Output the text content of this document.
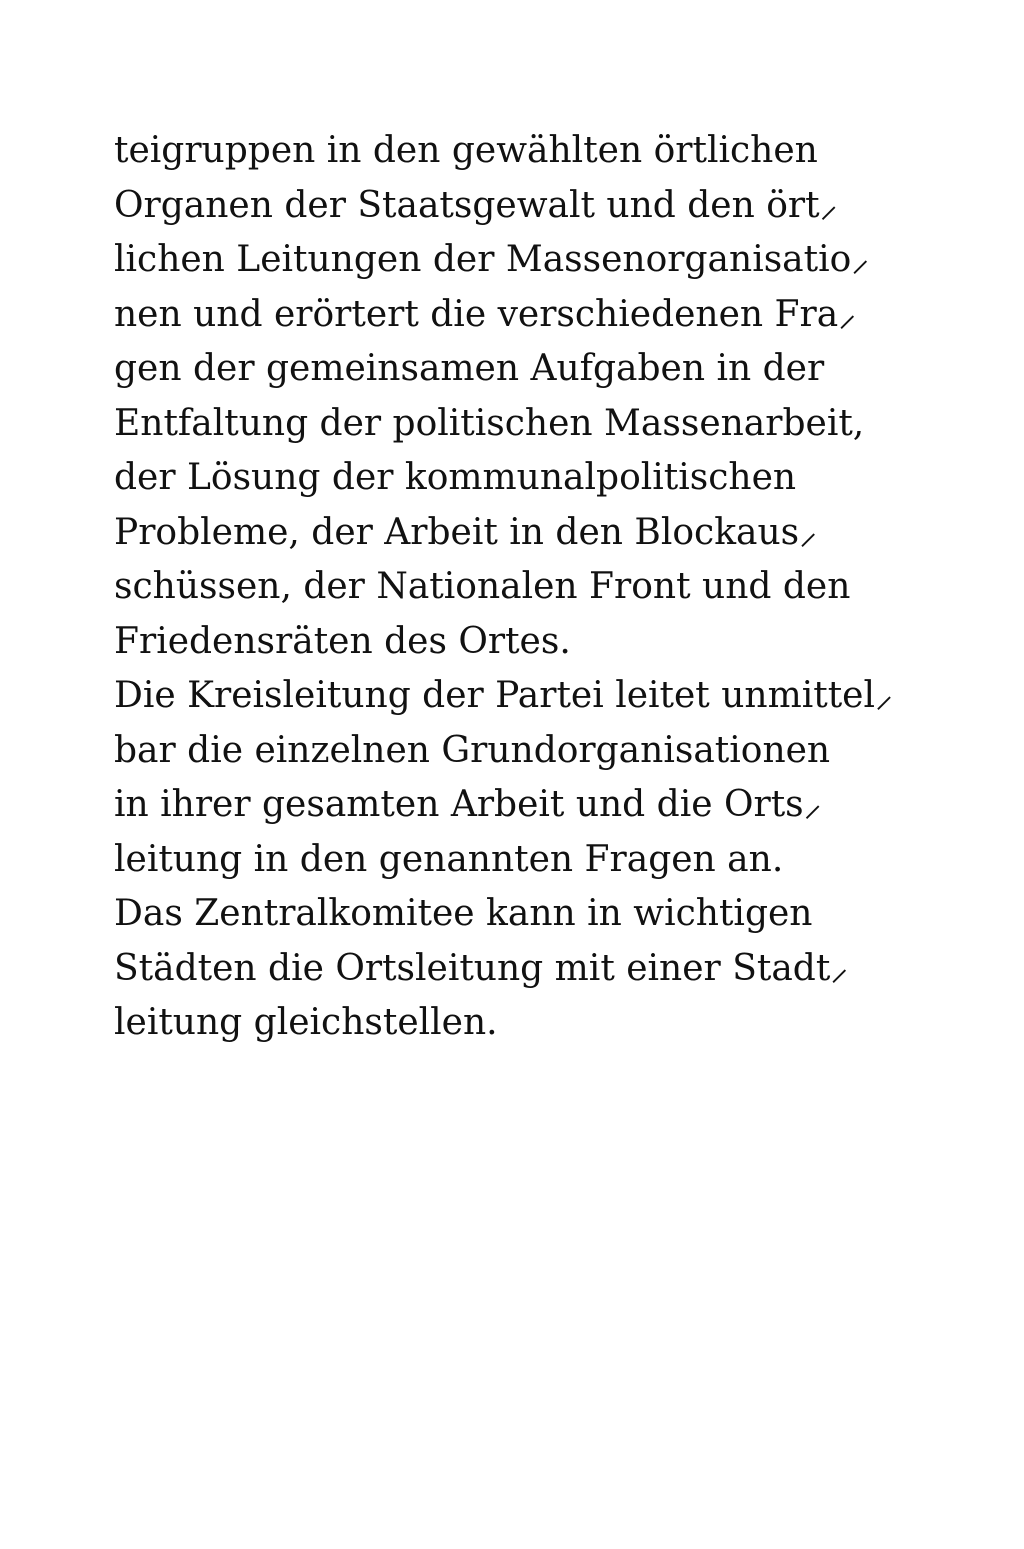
teigruppen in den gewählten örtlichen
Organen der Staatsgewalt und den ört⸝
lichen Leitungen der Massenorganisatio⸝
nen und erörtert die verschiedenen Fra⸝
gen der gemeinsamen Aufgaben in der
Entfaltung der politischen Massenarbeit,
der Lösung der kommunalpolitischen
Probleme, der Arbeit in den Blockaus⸝
schüssen, der Nationalen Front und den
Friedensräten des Ortes.
Die Kreisleitung der Partei leitet unmittel⸝
bar die einzelnen Grundorganisationen
in ihrer gesamten Arbeit und die Orts⸝
leitung in den genannten Fragen an.
Das Zentralkomitee kann in wichtigen
Städten die Ortsleitung mit einer Stadt⸝
leitung gleichstellen.
